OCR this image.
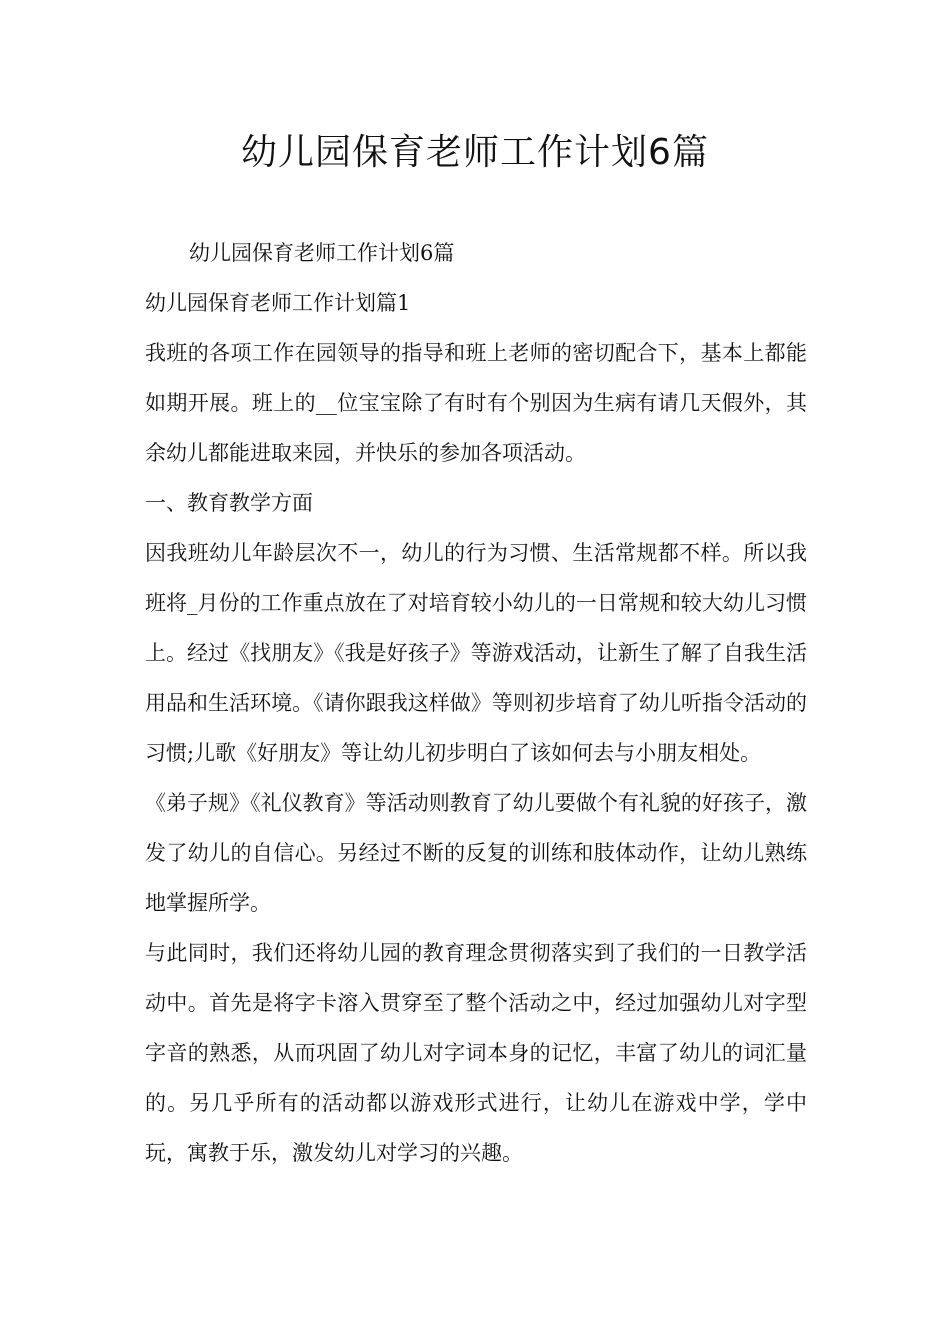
幼儿园保育老师工作计划6篇

幼儿园保育老师工作计划6篇

幼儿园保育老师工作计划篇1

我班的各项工作在园领导的指导和班上老师的密切配合下，基本上都能如期开展。班上的__位宝宝除了有时有个别因为生病有请几天假外，其余幼儿都能进取来园，并快乐的参加各项活动。

一、教育教学方面

因我班幼儿年龄层次不一，幼儿的行为习惯、生活常规都不样。所以我班将_月份的工作重点放在了对培育较小幼儿的一日常规和较大幼儿习惯上。经过《找朋友》《我是好孩子》等游戏活动，让新生了解了自我生活用品和生活环境。《请你跟我这样做》等则初步培育了幼儿听指令活动的习惯;儿歌《好朋友》等让幼儿初步明白了该如何去与小朋友相处。

《弟子规》《礼仪教育》等活动则教育了幼儿要做个有礼貌的好孩子，激发了幼儿的自信心。另经过不断的反复的训练和肢体动作，让幼儿熟练地掌握所学。

与此同时，我们还将幼儿园的教育理念贯彻落实到了我们的一日教学活动中。首先是将字卡溶入贯穿至了整个活动之中，经过加强幼儿对字型字音的熟悉，从而巩固了幼儿对字词本身的记忆，丰富了幼儿的词汇量的。另几乎所有的活动都以游戏形式进行，让幼儿在游戏中学，学中玩，寓教于乐，激发幼儿对学习的兴趣。
